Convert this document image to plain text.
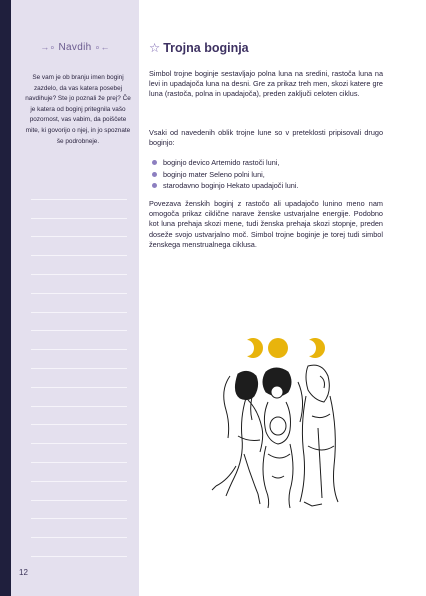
→∘ Navdih ∘←

Se vam je ob branju imen boginj zazdelo, da vas katera posebej navdihuje? Ste jo poznali že prej? Če je katera od boginj pritegnila vašo pozornost, vas vabim, da poiščete mite, ki govorijo o njej, in jo spoznate še podrobneje.

12
☆ Trojna boginja

Simbol trojne boginje sestavljajo polna luna na sredini, rastoča luna na levi in upadajoča luna na desni. Gre za prikaz treh men, skozi katere gre luna (rastoča, polna in upadajoča), preden zaključi celoten ciklus.

Vsaki od navedenih oblik trojne lune so v preteklosti pripisovali drugo boginjo:

boginjo devico Artemido rastoči luni,
boginjo mater Seleno polni luni,
starodavno boginjo Hekato upadajoči luni.

Povezava ženskih boginj z rastočo ali upadajočo lunino meno nam omogoča prikaz ciklične narave ženske ustvarjalne energije. Podobno kot luna prehaja skozi mene, tudi ženska prehaja skozi stopnje, preden doseže svojo ustvarjalno moč. Simbol trojne boginje je torej tudi simbol ženskega menstrualnega ciklusa.
